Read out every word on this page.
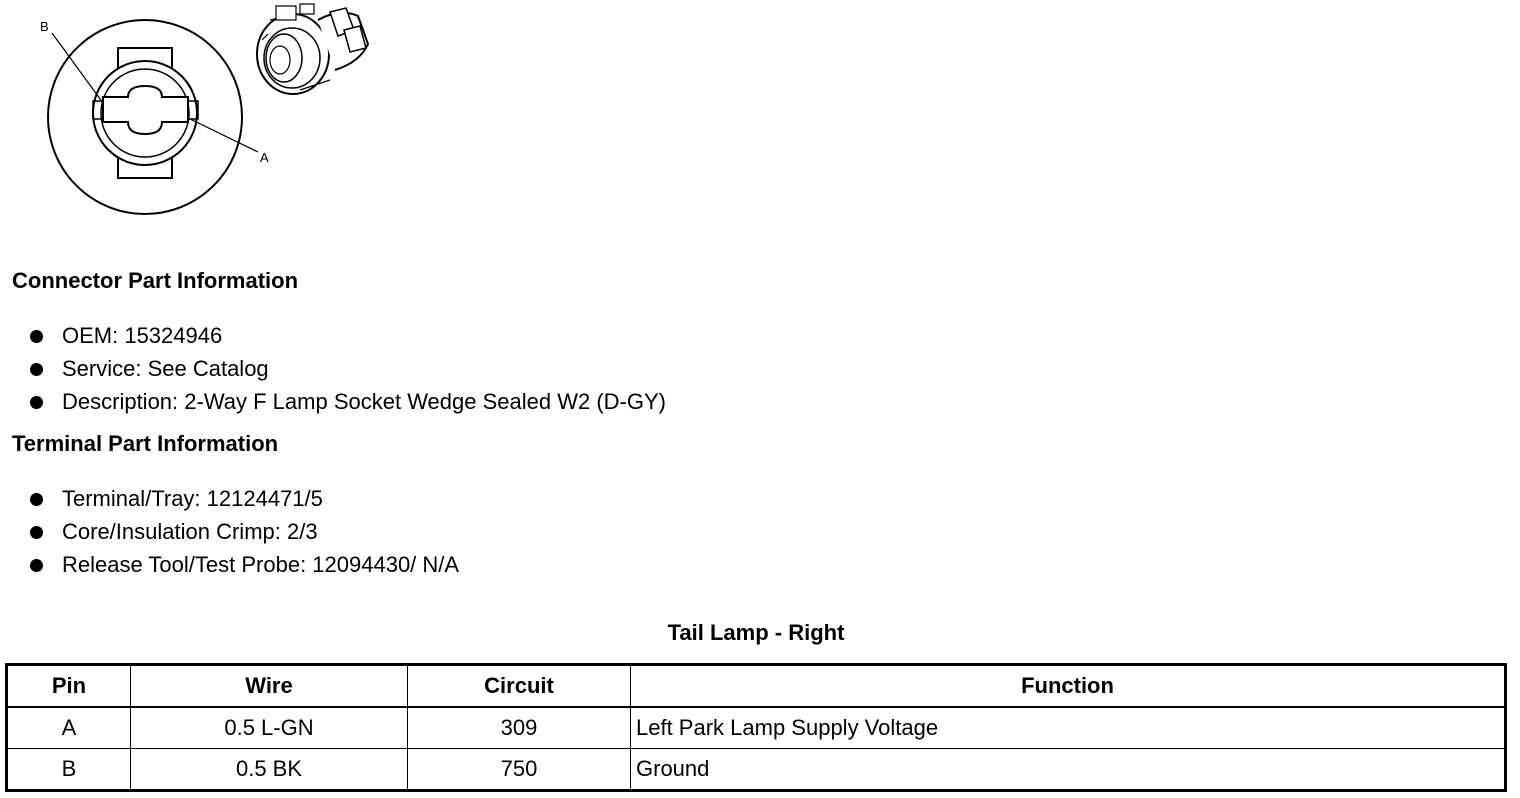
B
A
Connector Part Information
OEM: 15324946
Service: See Catalog
Description: 2-Way F Lamp Socket Wedge Sealed W2 (D-GY)
Terminal Part Information
Terminal/Tray: 12124471/5
Core/Insulation Crimp: 2/3
Release Tool/Test Probe: 12094430/ N/A
Tail Lamp - Right
Pin	Wire	Circuit	Function
A	0.5 L-GN	309	Left Park Lamp Supply Voltage
B	0.5 BK	750	Ground
